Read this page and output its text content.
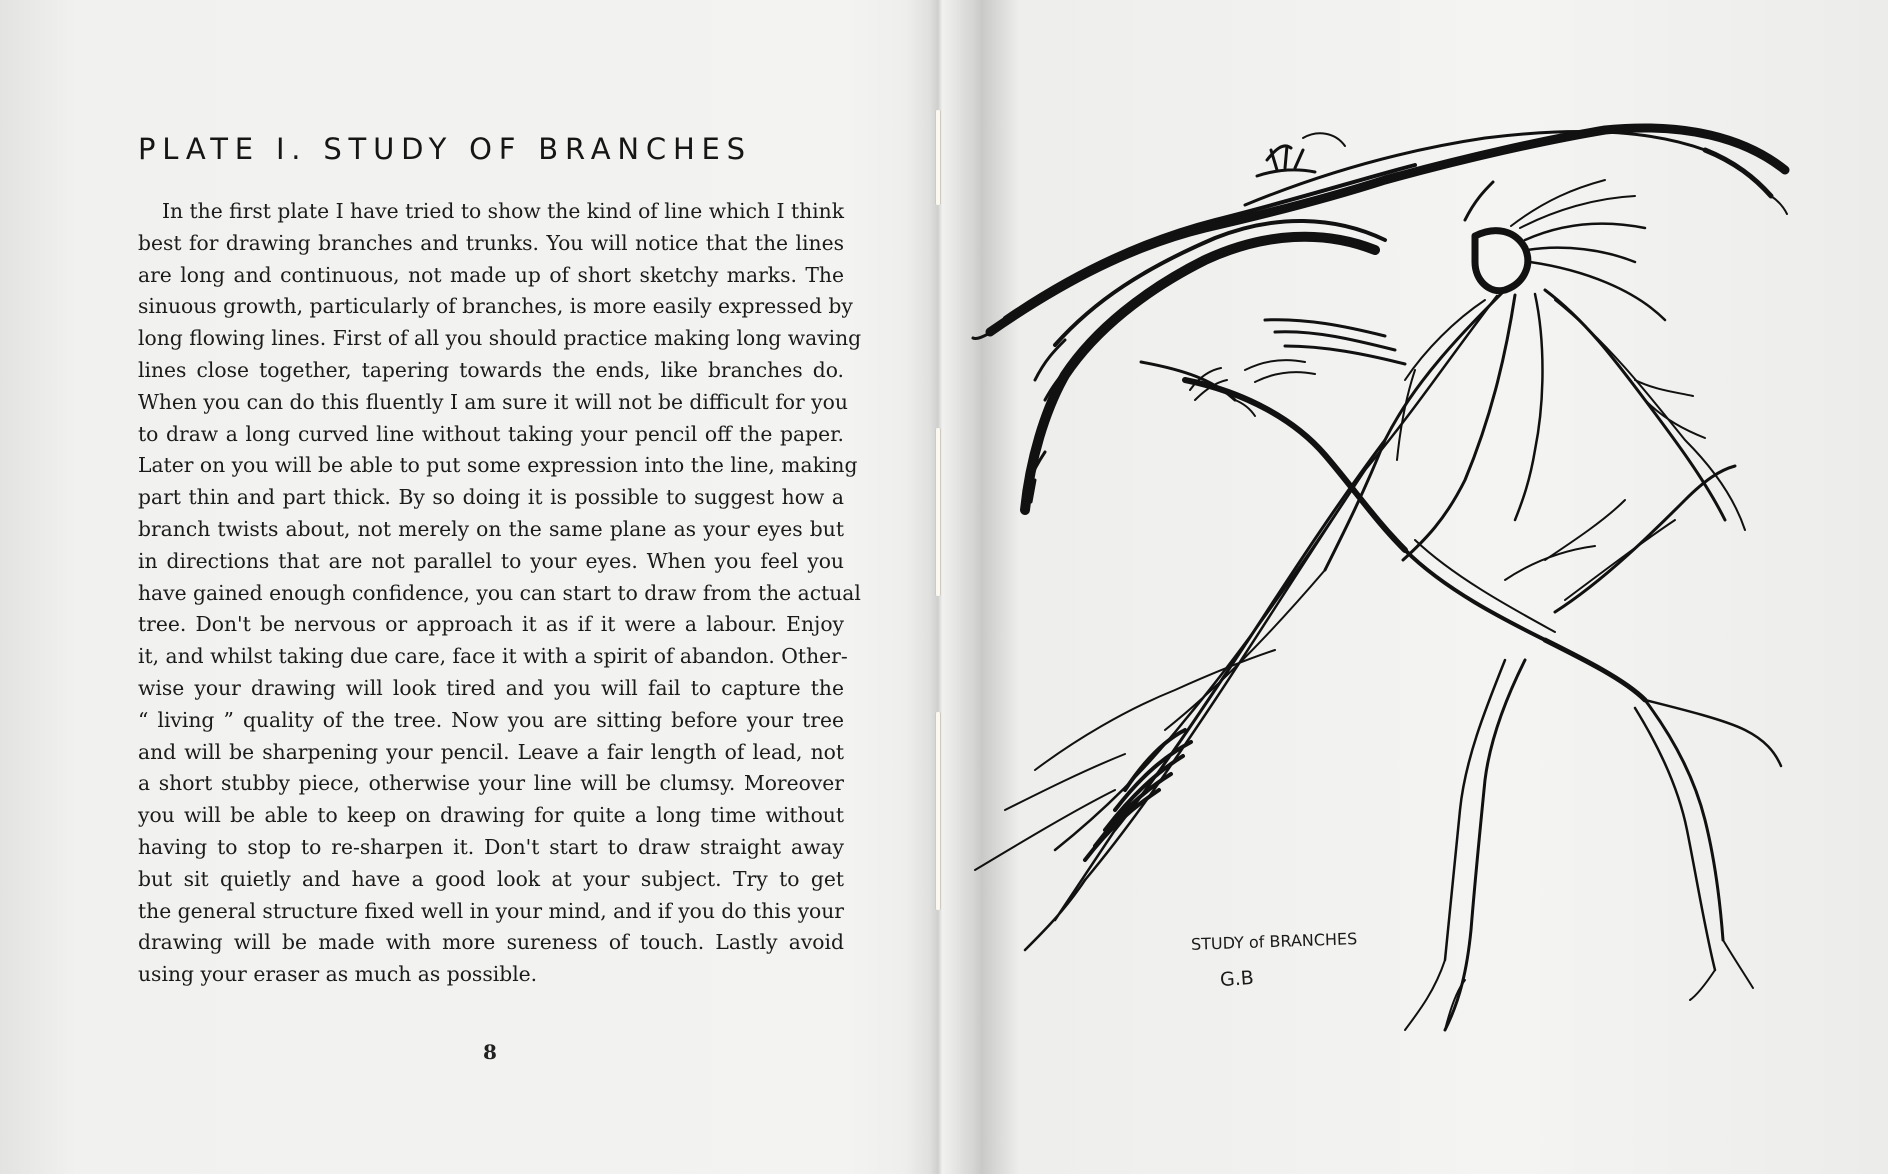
PLATE I. STUDY OF BRANCHES
In the first plate I have tried to show the kind of line which I think
best for drawing branches and trunks. You will notice that the lines
are long and continuous, not made up of short sketchy marks. The
sinuous growth, particularly of branches, is more easily expressed by
long flowing lines. First of all you should practice making long waving
lines close together, tapering towards the ends, like branches do.
When you can do this fluently I am sure it will not be difficult for you
to draw a long curved line without taking your pencil off the paper.
Later on you will be able to put some expression into the line, making
part thin and part thick. By so doing it is possible to suggest how a
branch twists about, not merely on the same plane as your eyes but
in directions that are not parallel to your eyes. When you feel you
have gained enough confidence, you can start to draw from the actual
tree. Don't be nervous or approach it as if it were a labour. Enjoy
it, and whilst taking due care, face it with a spirit of abandon. Other-
wise your drawing will look tired and you will fail to capture the
“ living ” quality of the tree. Now you are sitting before your tree
and will be sharpening your pencil. Leave a fair length of lead, not
a short stubby piece, otherwise your line will be clumsy. Moreover
you will be able to keep on drawing for quite a long time without
having to stop to re-sharpen it. Don't start to draw straight away
but sit quietly and have a good look at your subject. Try to get
the general structure fixed well in your mind, and if you do this your
drawing will be made with more sureness of touch. Lastly avoid
using your eraser as much as possible.
8
STUDY of BRANCHES
G.B
